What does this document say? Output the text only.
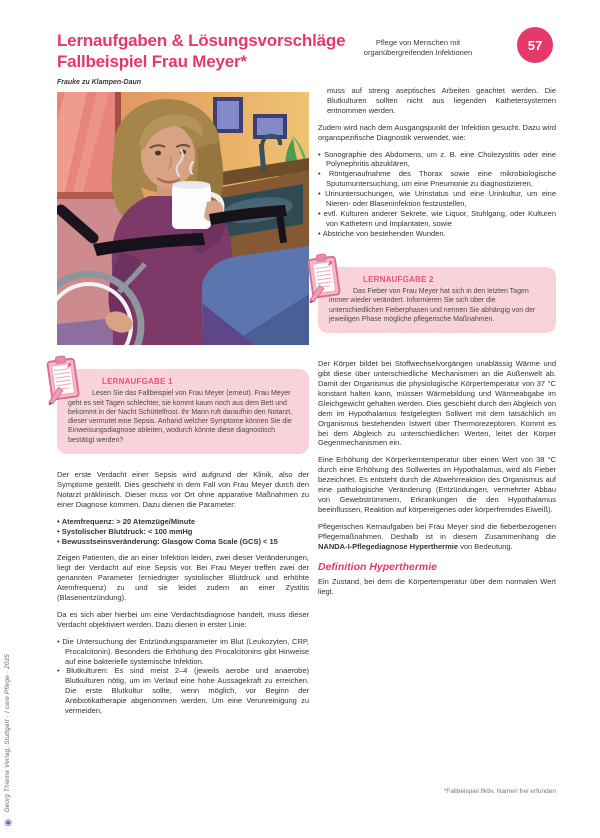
Lernaufgaben & Lösungsvorschläge
Fallbeispiel Frau Meyer*
Frauke zu Klampen-Daun
Pflege von Menschen mit
organübergreifenden Infektionen	57
LERNAUFGABE 1
Lesen Sie das Fallbeispiel von Frau Meyer (erneut). Frau Meyer geht es seit Tagen schlechter, sie kommt kaum noch aus dem Bett und bekommt in der Nacht Schüttelfrost. Ihr Mann ruft daraufhin den Notarzt, dieser vermutet eine Sepsis. Anhand welcher Symptome können Sie die Einweisungsdiagnose ableiten, wodurch könnte diese diagnostisch bestätigt werden?

Der erste Verdacht einer Sepsis wird aufgrund der Klinik, also der Symptome gestellt. Dies geschieht in dem Fall von Frau Meyer durch den Notarzt präklinisch. Dieser muss vor Ort ohne apparative Maßnahmen zu einer Diagnose kommen. Dazu dienen die Parameter:

• Atemfrequenz: > 20 Atemzüge/Minute
• Systolischer Blutdruck: < 100 mmHg
• Bewusstseinsveränderung: Glasgow Coma Scale (GCS) < 15

Zeigen Patienten, die an einer Infektion leiden, zwei dieser Veränderungen, liegt der Verdacht auf eine Sepsis vor. Bei Frau Meyer treffen zwei der genannten Parameter (erniedrigter systolischer Blutdruck und erhöhte Atemfrequenz) zu und sie leidet zudem an einer Zystitis (Blasenentzündung).

Da es sich aber hierbei um eine Verdachtsdiagnose handelt, muss dieser Verdacht objektiviert werden. Dazu dienen in erster Linie:

• Die Untersuchung der Entzündungsparameter im Blut (Leukozyten, CRP, Procalcitonin). Besonders die Erhöhung des Procalcitonins gibt Hinweise auf eine bakterielle systemische Infektion.
• Blutkulturen: Es sind meist 2–4 (jeweils aerobe und anaerobe) Blutkulturen nötig, um im Verlauf eine hohe Aussagekraft zu erreichen. Die erste Blutkultur sollte, wenn möglich, vor Beginn der Antibiotikatherapie abgenommen werden. Um eine Verunreinigung zu vermeiden,

muss auf streng aseptisches Arbeiten geachtet werden. Die Blutkulturen sollten nicht aus liegenden Kathetersystemen entnommen werden.

Zudem wird nach dem Ausgangspunkt der Infektion gesucht. Dazu wird organspezifische Diagnostik verwendet, wie:

• Sonographie des Abdomens, um z. B. eine Cholezystitis oder eine Polynephritis abzuklären,
• Röntgenaufnahme des Thorax sowie eine mikrobiologische Sputumuntersuchung, um eine Pneumonie zu diagnostizieren,
• Urinuntersuchungen, wie Urinstatus und eine Urinkultur, um eine Nieren- oder Blaseninfektion festzustellen,
• evtl. Kulturen anderer Sekrete, wie Liquor, Stuhlgang, oder Kulturen von Kathetern und Implantaten, sowie
• Abstriche von bestehenden Wunden.
LERNAUFGABE 2
Das Fieber von Frau Meyer hat sich in den letzten Tagen immer wieder verändert. Informieren Sie sich über die unterschiedlichen Fieberphasen und nennen Sie abhängig von der jeweiligen Phase mögliche pflegerische Maßnahmen.

Der Körper bildet bei Stoffwechselvorgängen unablässig Wärme und gibt diese über unterschiedliche Mechanismen an die Außenwelt ab. Damit der Organismus die physiologische Körpertemperatur von 37 °C konstant halten kann, müssen Wärmebildung und Wärmeabgabe im Gleichgewicht gehalten werden. Dies geschieht durch den Abgleich von dem im Hypothalamus festgelegten Sollwert mit dem tatsächlich im Organismus bestehenden Istwert über Thermorezeptoren. Kommt es bei dem Abgleich zu unterschiedlichen Werten, leitet der Körper Gegenmechanismen ein.

Eine Erhöhung der Körperkerntemperatur über einen Wert von 38 °C durch eine Erhöhung des Sollwertes im Hypothalamus, wird als Fieber bezeichnet. Es entsteht durch die Abwehrreaktion des Organismus auf eine pathologische Veränderung (Entzündungen, vermehrter Abbau von Gewebstrümmern, Erkrankungen die den Hypothalamus beeinflussen, Reaktion auf körpereigenes oder körperfremdes Eiweiß).

Pflegerischen Kernaufgaben bei Frau Meyer sind die fieberbezogenen Pflegemaßnahmen. Deshalb ist in diesem Zusammenhang die NANDA-I-Pflegediagnose Hyperthermie von Bedeutung.

Definition Hyperthermie

Ein Zustand, bei dem die Körpertemperatur über dem normalen Wert liegt.

*Fallbeispiel fiktiv, Namen frei erfunden
Georg Thieme Verlag, Stuttgart · I care Pflege · 2025
❀
